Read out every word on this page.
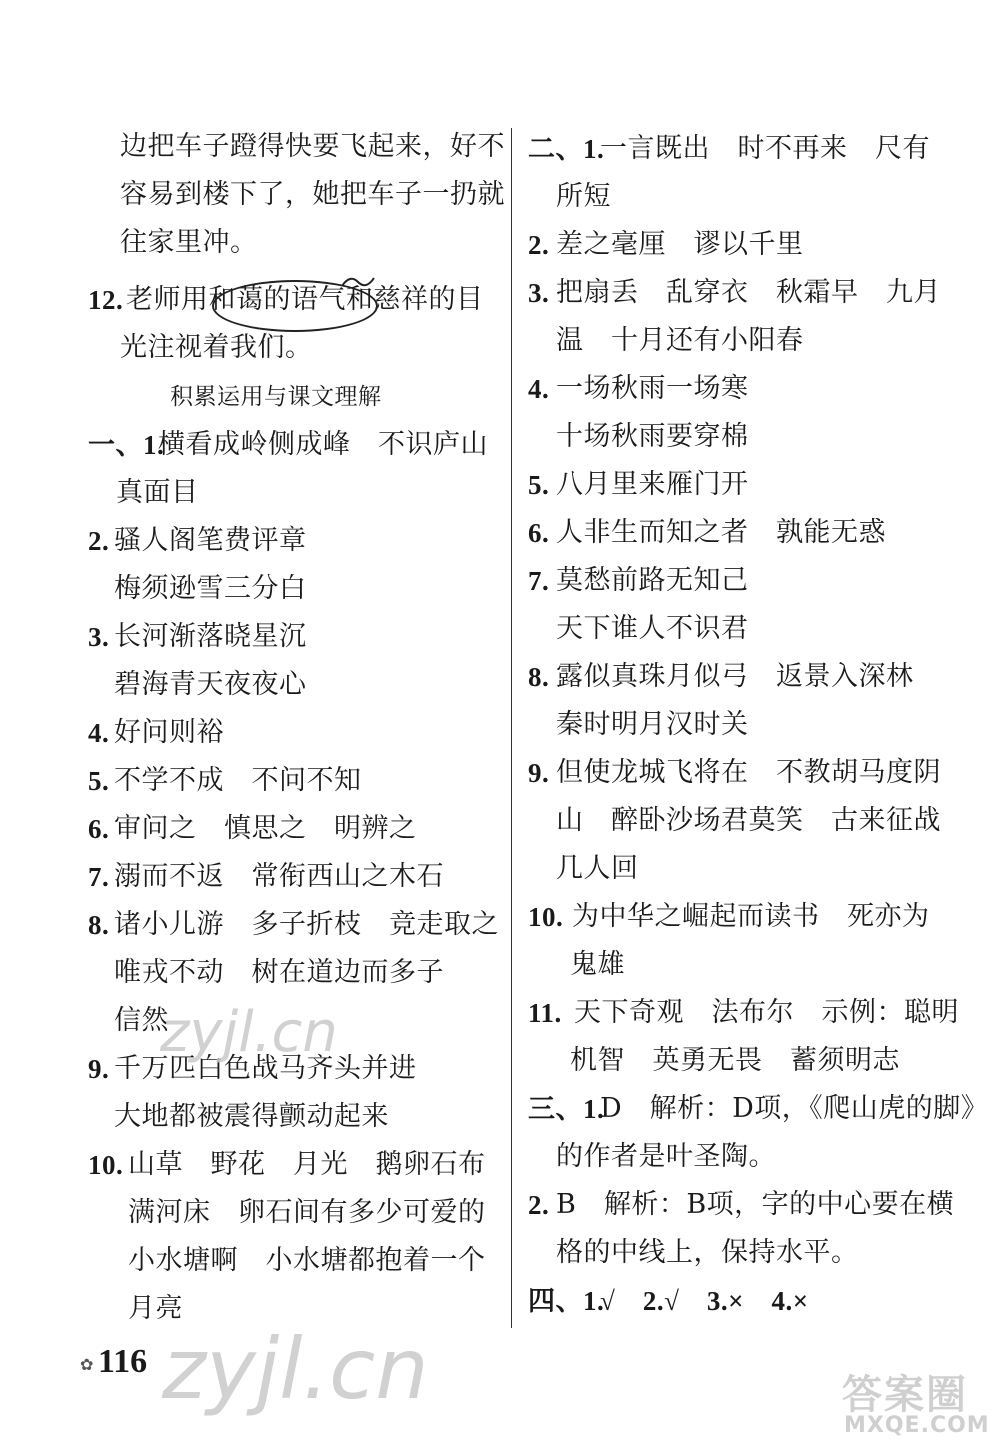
边把车子蹬得快要飞起来，好不
容易到楼下了，她把车子一扔就
往家里冲。
12. 老师用和蔼的语气和慈祥的目
光注视着我们。
积累运用与课文理解
一、1.
横看成岭侧成峰　不识庐山
真面目
2. 骚人阁笔费评章
梅须逊雪三分白
3. 长河渐落晓星沉
碧海青天夜夜心
4. 好问则裕
5. 不学不成　不问不知
6. 审问之　慎思之　明辨之
7. 溺而不返　常衔西山之木石
8. 诸小儿游　多子折枝　竞走取之
唯戎不动　树在道边而多子
信然
9. 千万匹白色战马齐头并进
大地都被震得颤动起来
10. 山草　野花　月光　鹅卵石布
满河床　卵石间有多少可爱的
小水塘啊　小水塘都抱着一个
月亮
二、1.
一言既出　时不再来　尺有
所短
2. 差之毫厘　谬以千里
3. 把扇丢　乱穿衣　秋霜早　九月
温　十月还有小阳春
4. 一场秋雨一场寒
十场秋雨要穿棉
5. 八月里来雁门开
6. 人非生而知之者　孰能无惑
7. 莫愁前路无知己
天下谁人不识君
8. 露似真珠月似弓　返景入深林
秦时明月汉时关
9. 但使龙城飞将在　不教胡马度阴
山　醉卧沙场君莫笑　古来征战
几人回
10. 为中华之崛起而读书　死亦为
鬼雄
11. 天下奇观　法布尔　示例：聪明
机智　英勇无畏　蓄须明志
三、1.
D　解析：D项，《爬山虎的脚》
的作者是叶圣陶。
2. B　解析：B项，字的中心要在横
格的中线上，保持水平。
四、1.
√　2.√　3.×　4.×
zyjl.cn
zyjl.cn
✿ 116
答案圈
MXQE.COM
